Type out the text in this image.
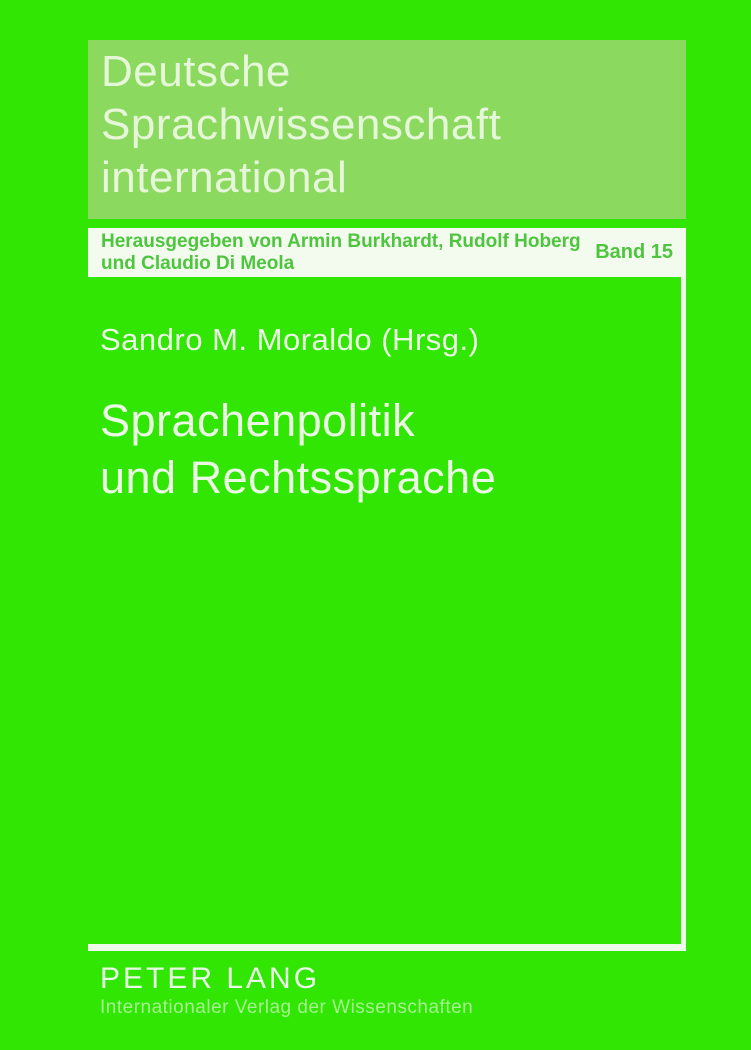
Deutsche
Sprachwissenschaft
international
Herausgegeben von Armin Burkhardt, Rudolf Hoberg
und Claudio Di Meola
Band 15
Sandro M. Moraldo (Hrsg.)
Sprachenpolitik
und Rechtssprache
PETER LANG
Internationaler Verlag der Wissenschaften
